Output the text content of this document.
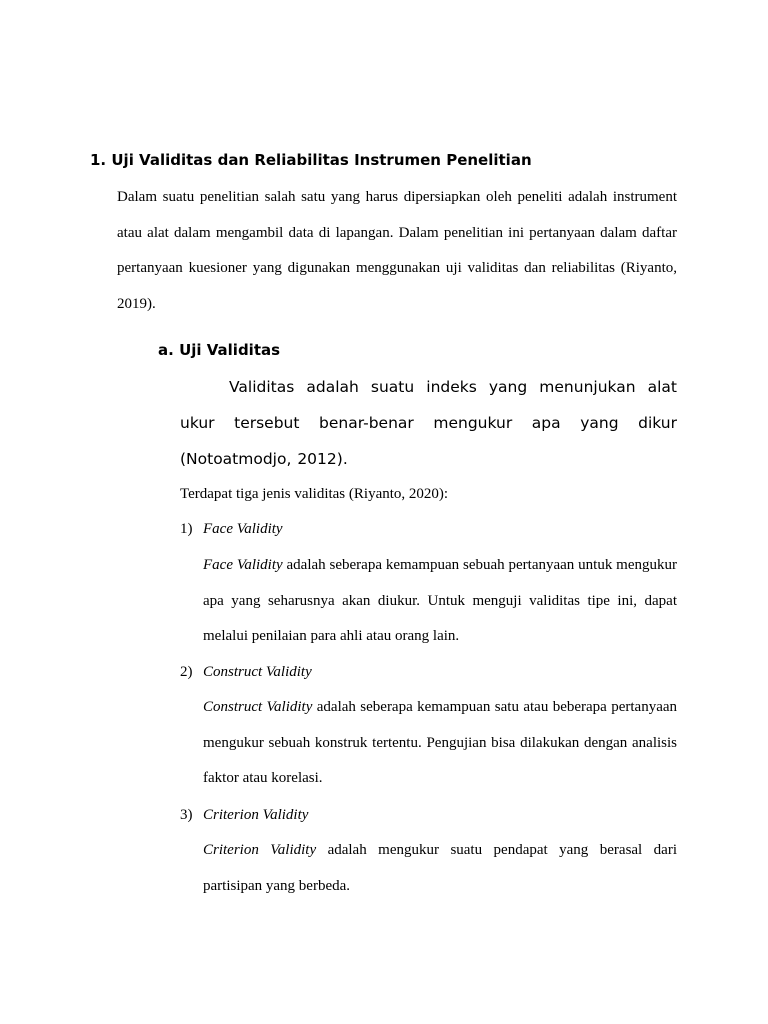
1. Uji Validitas dan Reliabilitas Instrumen Penelitian
Dalam suatu penelitian salah satu yang harus dipersiapkan oleh peneliti adalah instrument atau alat dalam mengambil data di lapangan. Dalam penelitian ini pertanyaan dalam daftar pertanyaan kuesioner yang digunakan menggunakan uji validitas dan reliabilitas (Riyanto, 2019).
a. Uji Validitas
Validitas adalah suatu indeks yang menunjukan alat ukur tersebut benar-benar mengukur apa yang dikur (Notoatmodjo, 2012).
Terdapat tiga jenis validitas (Riyanto, 2020):
1) Face Validity
Face Validity adalah seberapa kemampuan sebuah pertanyaan untuk mengukur apa yang seharusnya akan diukur. Untuk menguji validitas tipe ini, dapat melalui penilaian para ahli atau orang lain.
2) Construct Validity
Construct Validity adalah seberapa kemampuan satu atau beberapa pertanyaan mengukur sebuah konstruk tertentu. Pengujian bisa dilakukan dengan analisis faktor atau korelasi.
3) Criterion Validity
Criterion Validity adalah mengukur suatu pendapat yang berasal dari partisipan yang berbeda.
